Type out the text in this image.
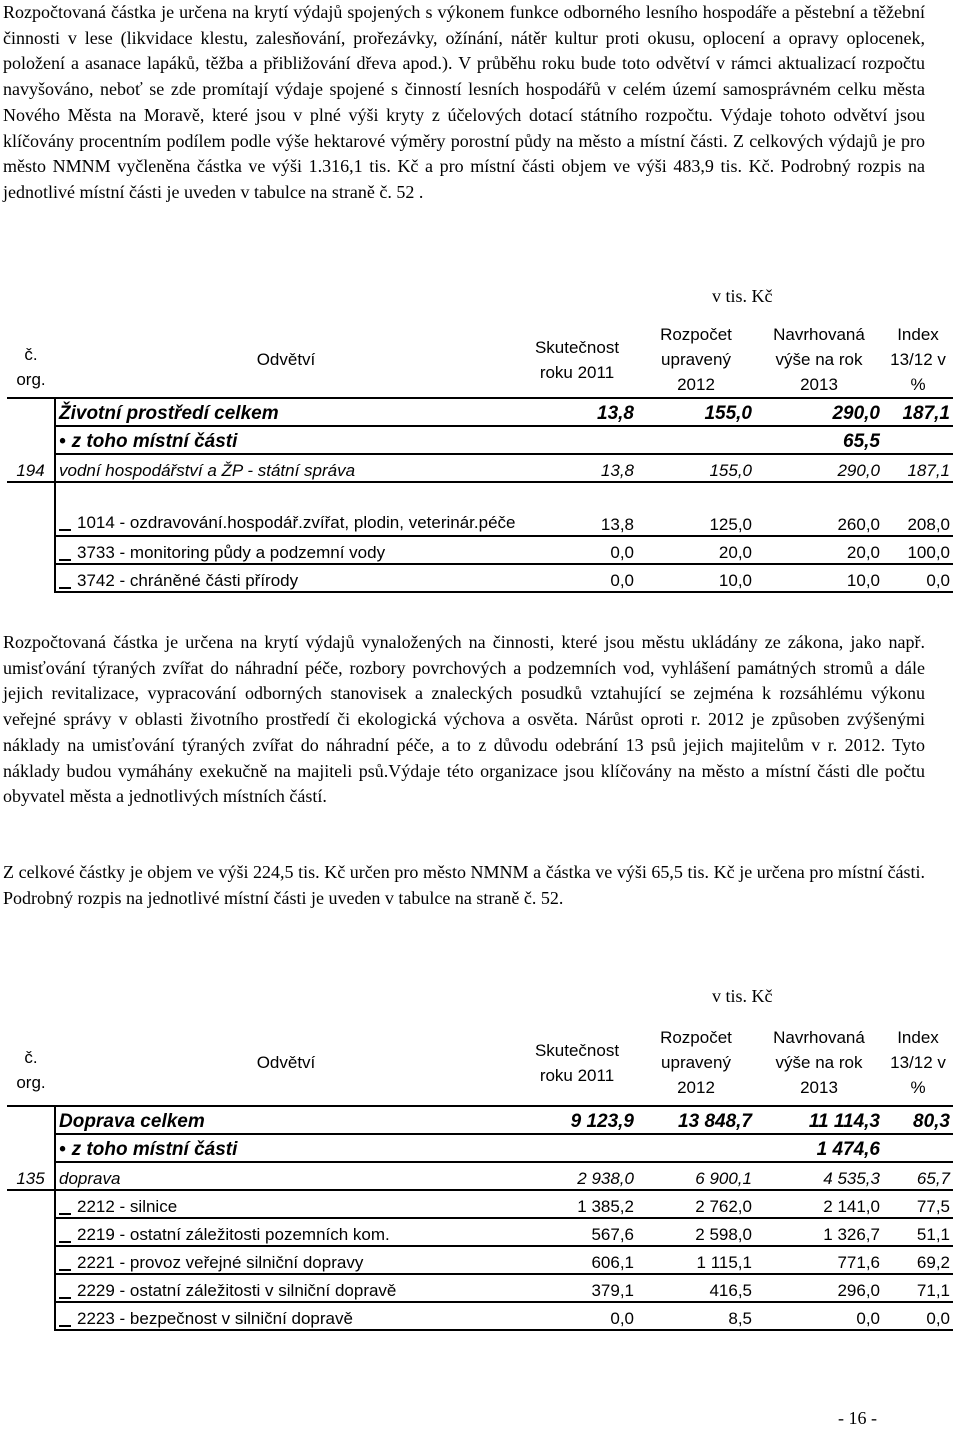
Rozpočtovaná částka je určena na krytí výdajů spojených s výkonem funkce odborného lesního hospodáře a pěstební a těžební činnosti v lese (likvidace klestu, zalesňování, prořezávky, ožínání, nátěr kultur proti okusu, oplocení a opravy oplocenek, položení a asanace lapáků, těžba a přibližování dřeva apod.). V průběhu roku bude toto odvětví v rámci aktualizací rozpočtu navyšováno, neboť se zde promítají výdaje spojené s činností lesních hospodářů v celém území samosprávném celku města Nového Města na Moravě, které jsou v plné výši kryty z účelových dotací státního rozpočtu. Výdaje tohoto odvětví jsou klíčovány procentním podílem podle výše hektarové výměry porostní půdy na město a místní části. Z celkových výdajů je pro město NMNM vyčleněna částka ve výši 1.316,1 tis. Kč a pro místní části objem ve výši 483,9 tis. Kč. Podrobný rozpis na jednotlivé místní části je uveden v tabulce na straně č. 52 .

v tis. Kč
č. org.	Odvětví	Skutečnost roku 2011	Rozpočet upravený 2012	Navrhovaná výše na rok 2013	Index 13/12 v %
	Životní prostředí celkem	13,8	155,0	290,0	187,1
	• z toho místní části			65,5	
194	vodní hospodářství a ŽP - státní správa	13,8	155,0	290,0	187,1
	1014 - ozdravování.hospodář.zvířat, plodin, veterinár.péče	13,8	125,0	260,0	208,0
	3733 - monitoring půdy a podzemní vody	0,0	20,0	20,0	100,0
	3742 - chráněné části přírody	0,0	10,0	10,0	0,0

Rozpočtovaná částka je určena na krytí výdajů vynaložených na činnosti, které jsou městu ukládány ze zákona, jako např. umisťování týraných zvířat do náhradní péče, rozbory povrchových a podzemních vod, vyhlášení památných stromů a dále jejich revitalizace, vypracování odborných stanovisek a znaleckých posudků vztahující se zejména k rozsáhlému výkonu veřejné správy v oblasti životního prostředí či ekologická výchova a osvěta. Nárůst oproti r. 2012 je způsoben zvýšenými náklady na umisťování týraných zvířat do náhradní péče, a to z důvodu odebrání 13 psů jejich majitelům v r. 2012. Tyto náklady budou vymáhány exekučně na majiteli psů.Výdaje této organizace jsou klíčovány na město a místní části dle počtu obyvatel města a jednotlivých místních částí.

Z celkové částky je objem ve výši 224,5 tis. Kč určen pro město NMNM a částka ve výši 65,5 tis. Kč je určena pro místní části. Podrobný rozpis na jednotlivé místní části je uveden v tabulce na straně č. 52.

v tis. Kč
č. org.	Odvětví	Skutečnost roku 2011	Rozpočet upravený 2012	Navrhovaná výše na rok 2013	Index 13/12 v %
	Doprava celkem	9 123,9	13 848,7	11 114,3	80,3
	• z toho místní části			1 474,6	
135	doprava	2 938,0	6 900,1	4 535,3	65,7
	2212 - silnice	1 385,2	2 762,0	2 141,0	77,5
	2219 - ostatní záležitosti pozemních kom.	567,6	2 598,0	1 326,7	51,1
	2221 - provoz veřejné silniční dopravy	606,1	1 115,1	771,6	69,2
	2229 - ostatní záležitosti v silniční dopravě	379,1	416,5	296,0	71,1
	2223 - bezpečnost v silniční dopravě	0,0	8,5	0,0	0,0
- 16 -
